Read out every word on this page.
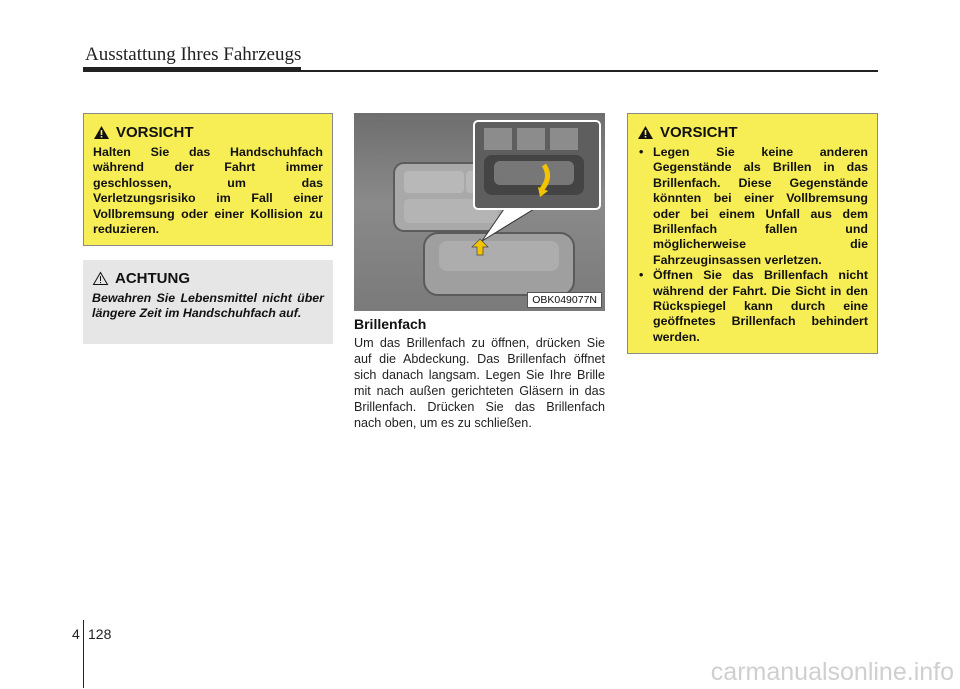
Ausstattung Ihres Fahrzeugs
VORSICHT
Halten Sie das Handschuhfach während der Fahrt immer geschlossen, um das Verletzungsrisiko im Fall einer Vollbremsung oder einer Kollision zu reduzieren.
ACHTUNG
Bewahren Sie Lebensmittel nicht über längere Zeit im Handschuhfach auf.
OBK049077N
Brillenfach
Um das Brillenfach zu öffnen, drücken Sie auf die Abdeckung. Das Brillenfach öffnet sich danach langsam. Legen Sie Ihre Brille mit nach außen gerichteten Gläsern in das Brillenfach. Drücken Sie das Brillenfach nach oben, um es zu schließen.
VORSICHT
• Legen Sie keine anderen Gegenstände als Brillen in das Brillenfach. Diese Gegenstände könnten bei einer Vollbremsung oder bei einem Unfall aus dem Brillenfach fallen und möglicherweise die Fahrzeuginsassen verletzen.
• Öffnen Sie das Brillenfach nicht während der Fahrt. Die Sicht in den Rückspiegel kann durch eine geöffnetes Brillenfach behindert werden.
4 128
carmanualsonline.info
